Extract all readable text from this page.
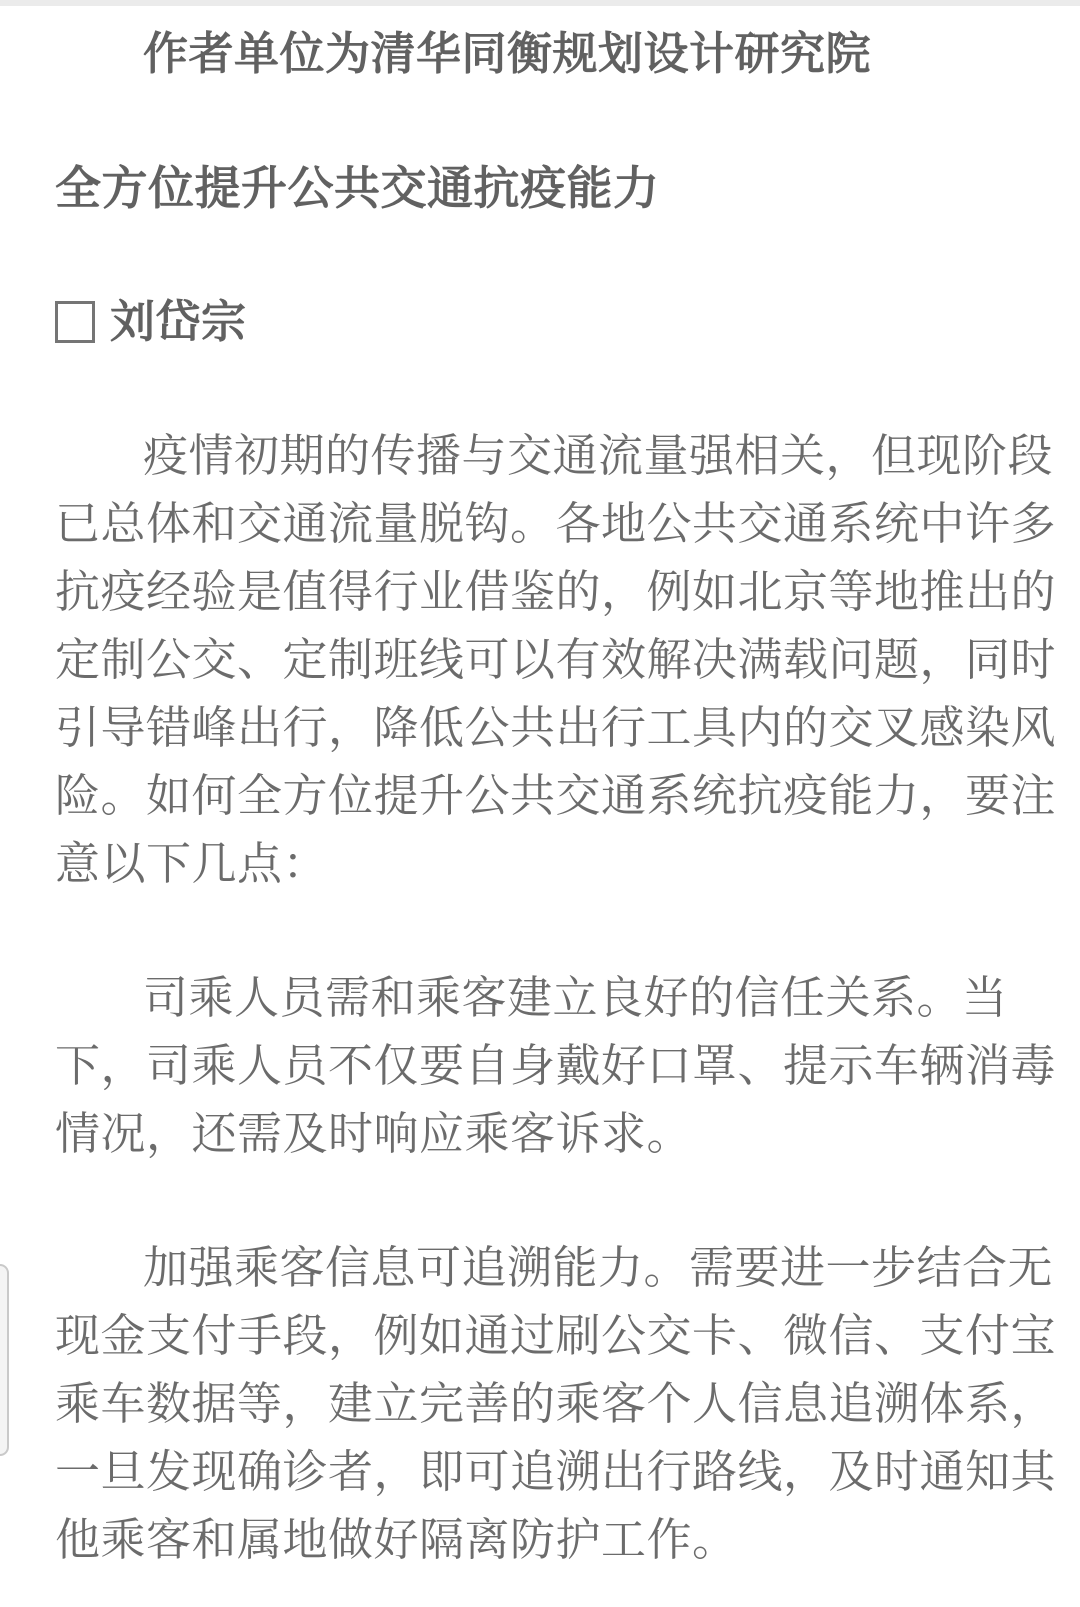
作者单位为清华同衡规划设计研究院
全方位提升公共交通抗疫能力
刘岱宗
疫情初期的传播与交通流量强相关，但现阶段
已总体和交通流量脱钩。各地公共交通系统中许多
抗疫经验是值得行业借鉴的，例如北京等地推出的
定制公交、定制班线可以有效解决满载问题，同时
引导错峰出行，降低公共出行工具内的交叉感染风
险。如何全方位提升公共交通系统抗疫能力，要注
意以下几点：
司乘人员需和乘客建立良好的信任关系。当
下，司乘人员不仅要自身戴好口罩、提示车辆消毒
情况，还需及时响应乘客诉求。
加强乘客信息可追溯能力。需要进一步结合无
现金支付手段，例如通过刷公交卡、微信、支付宝
乘车数据等，建立完善的乘客个人信息追溯体系，
一旦发现确诊者，即可追溯出行路线，及时通知其
他乘客和属地做好隔离防护工作。
